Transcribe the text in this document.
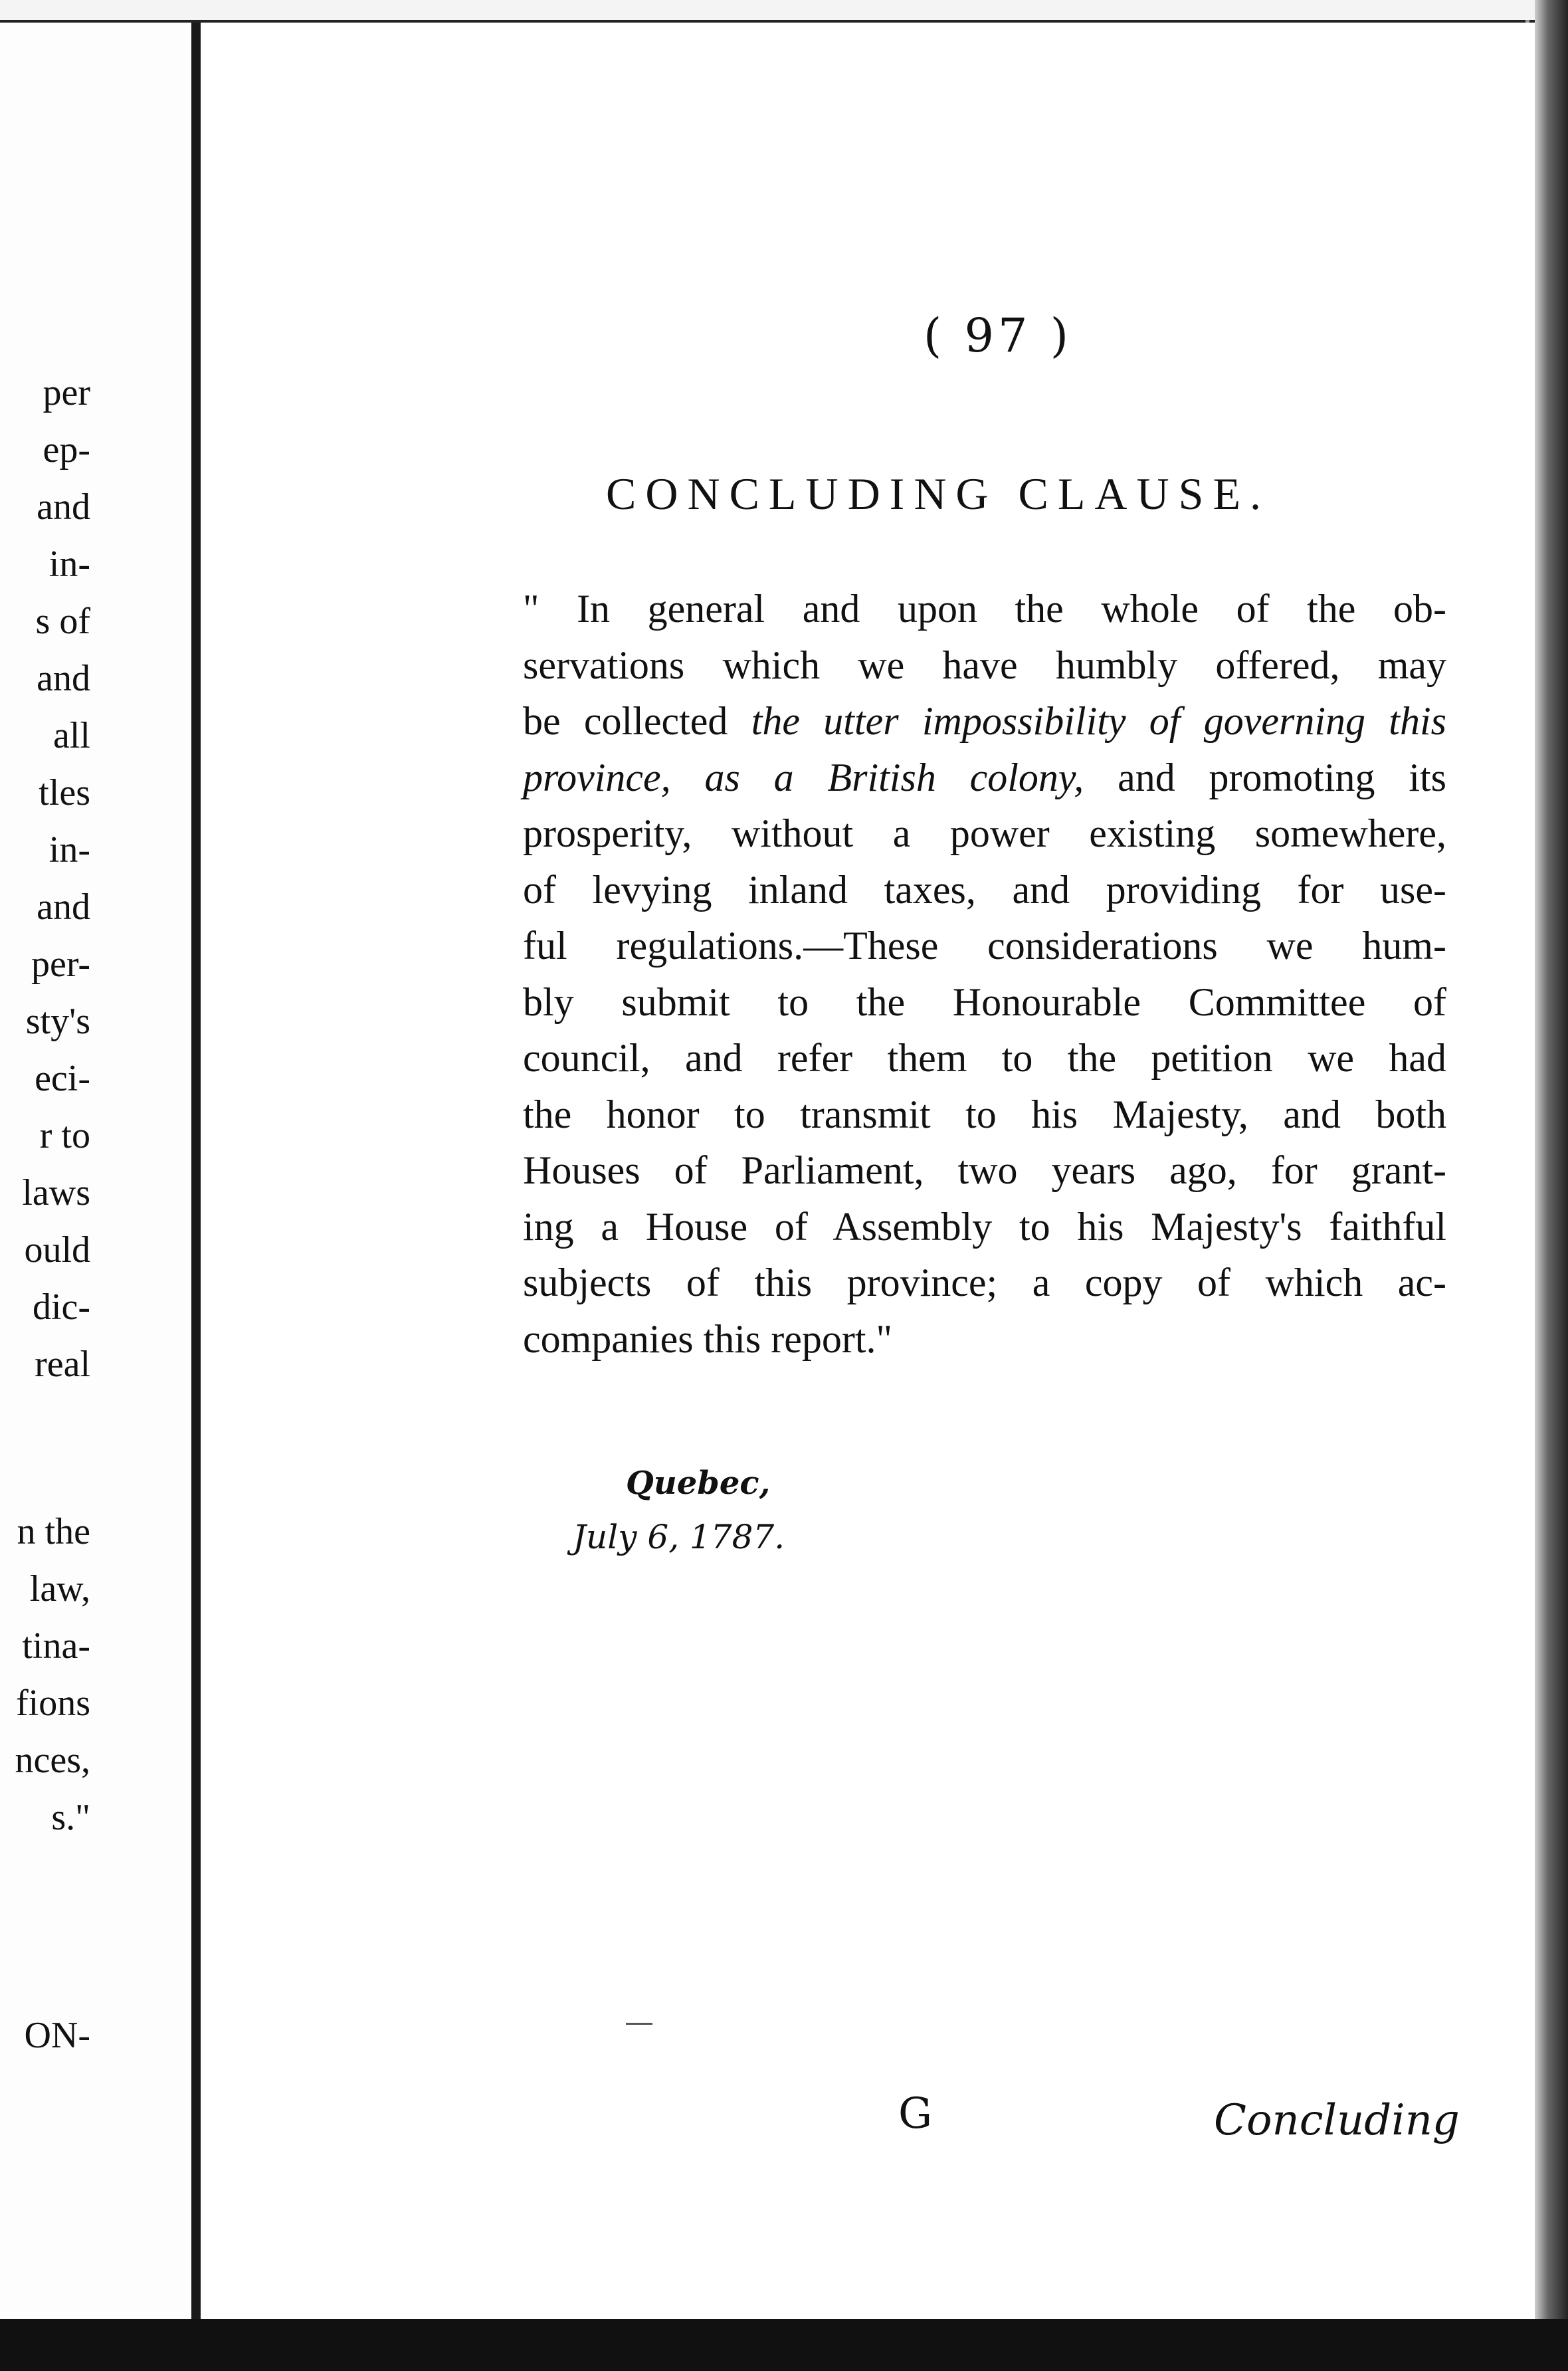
per
ep-
and
in-
s of
and
all
tles
in-
and
per-
sty's
eci-
r to
laws
ould
dic-
real
n the
law,
tina-
fions
nces,
s."
ON-
( 97 )
CONCLUDING CLAUSE.
" In general and upon the whole of the ob-
servations which we have humbly offered, may
be collected the utter impossibility of governing this
province, as a British colony, and promoting its
prosperity, without a power existing somewhere,
of levying inland taxes, and providing for use-
ful regulations.—These considerations we hum-
bly submit to the Honourable Committee of
council, and refer them to the petition we had
the honor to transmit to his Majesty, and both
Houses of Parliament, two years ago, for grant-
ing a House of Assembly to his Majesty's faithful
subjects of this province; a copy of which ac-
companies this report."
Quebec,
July 6, 1787.
G	Concluding
